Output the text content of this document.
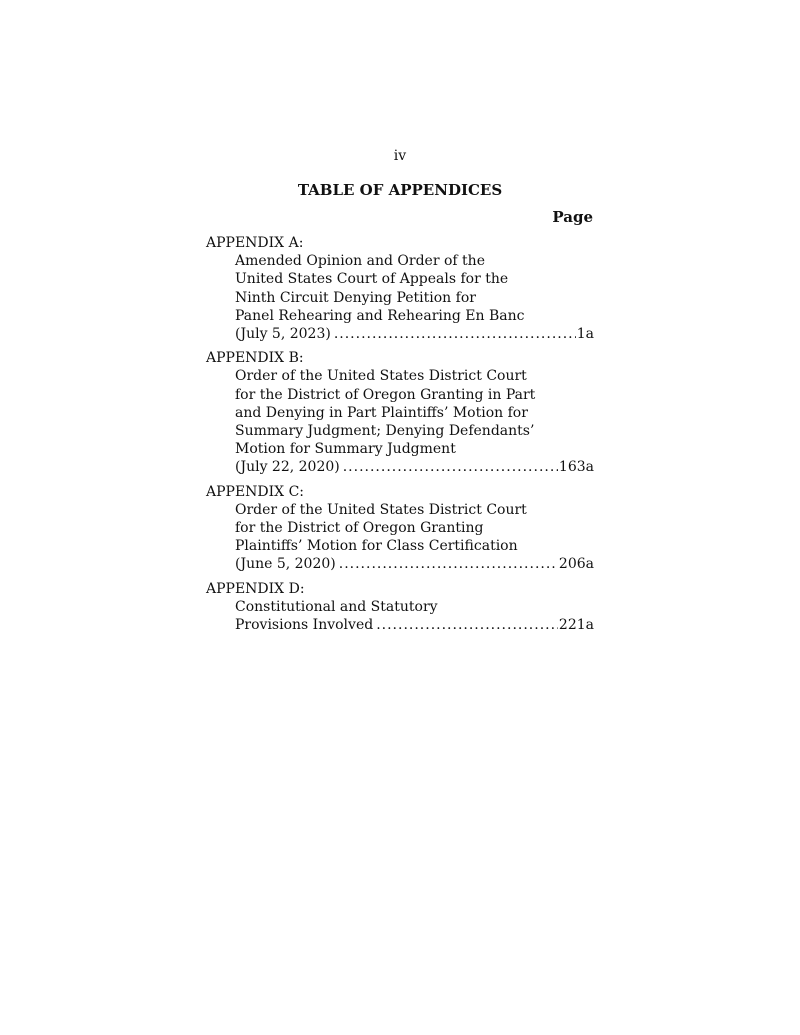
iv
TABLE OF APPENDICES
Page
APPENDIX A:
Amended Opinion and Order of the
United States Court of Appeals for the
Ninth Circuit Denying Petition for
Panel Rehearing and Rehearing En Banc
(July 5, 2023) .....	1a
APPENDIX B:
Order of the United States District Court
for the District of Oregon Granting in Part
and Denying in Part Plaintiffs’ Motion for
Summary Judgment; Denying Defendants’
Motion for Summary Judgment
(July 22, 2020) .....	163a
APPENDIX C:
Order of the United States District Court
for the District of Oregon Granting
Plaintiffs’ Motion for Class Certification
(June 5, 2020) .....	206a
APPENDIX D:
Constitutional and Statutory
Provisions Involved .....	221a
